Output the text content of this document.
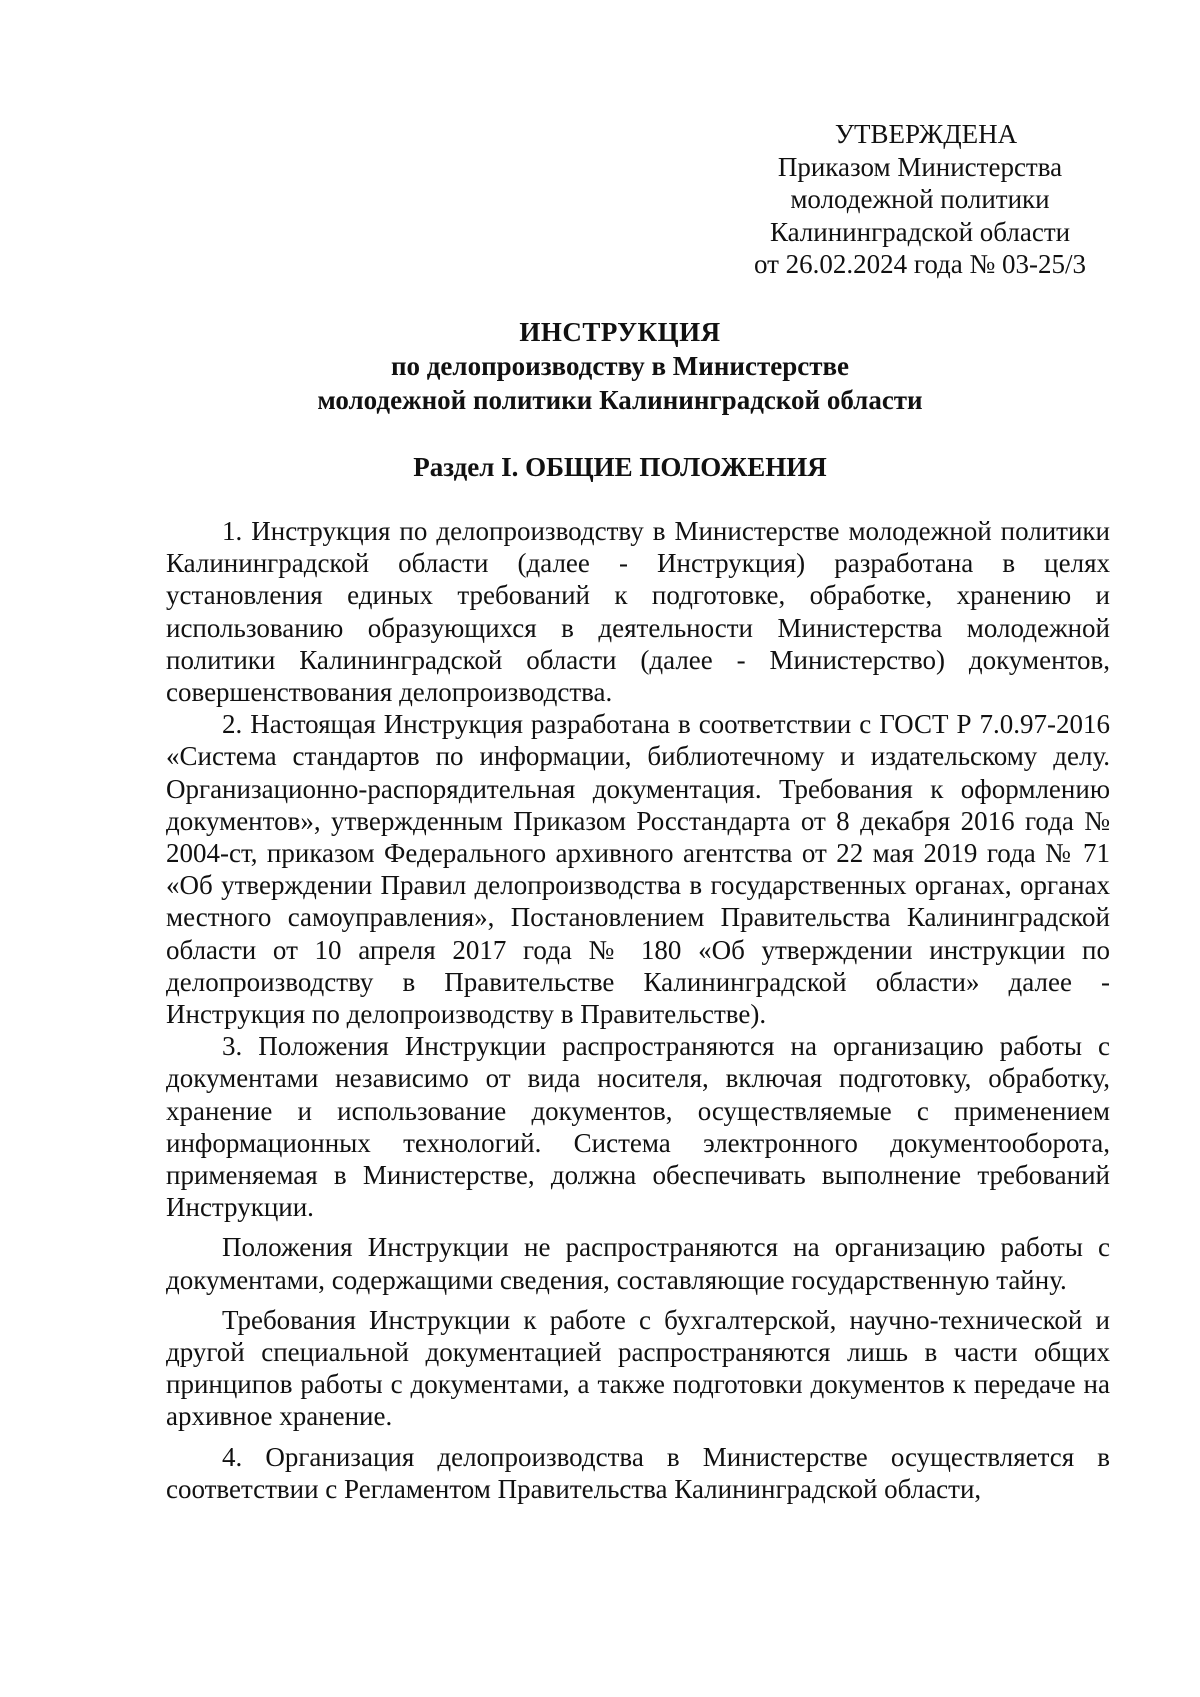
УТВЕРЖДЕНА
Приказом Министерства
молодежной политики
Калининградской области
от 26.02.2024 года № 03-25/3
ИНСТРУКЦИЯ
по делопроизводству в Министерстве
молодежной политики Калининградской области
Раздел I. ОБЩИЕ ПОЛОЖЕНИЯ

1. Инструкция по делопроизводству в Министерстве молодежной политики Калининградской области (далее - Инструкция) разработана в целях установления единых требований к подготовке, обработке, хранению и использованию образующихся в деятельности Министерства молодежной политики Калининградской области (далее - Министерство) документов, совершенствования делопроизводства.

2. Настоящая Инструкция разработана в соответствии с ГОСТ Р 7.0.97-2016 «Система стандартов по информации, библиотечному и издательскому делу. Организационно-распорядительная документация. Требования к оформлению документов», утвержденным Приказом Росстандарта от 8 декабря 2016 года № 2004-ст, приказом Федерального архивного агентства от 22 мая 2019 года № 71 «Об утверждении Правил делопроизводства в государственных органах, органах местного самоуправления», Постановлением Правительства Калининградской области от 10 апреля 2017 года № 180 «Об утверждении инструкции по делопроизводству в Правительстве Калининградской области» далее - Инструкция по делопроизводству в Правительстве).

3. Положения Инструкции распространяются на организацию работы с документами независимо от вида носителя, включая подготовку, обработку, хранение и использование документов, осуществляемые с применением информационных технологий. Система электронного документооборота, применяемая в Министерстве, должна обеспечивать выполнение требований Инструкции.

Положения Инструкции не распространяются на организацию работы с документами, содержащими сведения, составляющие государственную тайну.

Требования Инструкции к работе с бухгалтерской, научно-технической и другой специальной документацией распространяются лишь в части общих принципов работы с документами, а также подготовки документов к передаче на архивное хранение.

4. Организация делопроизводства в Министерстве осуществляется в соответствии с Регламентом Правительства Калининградской области,
